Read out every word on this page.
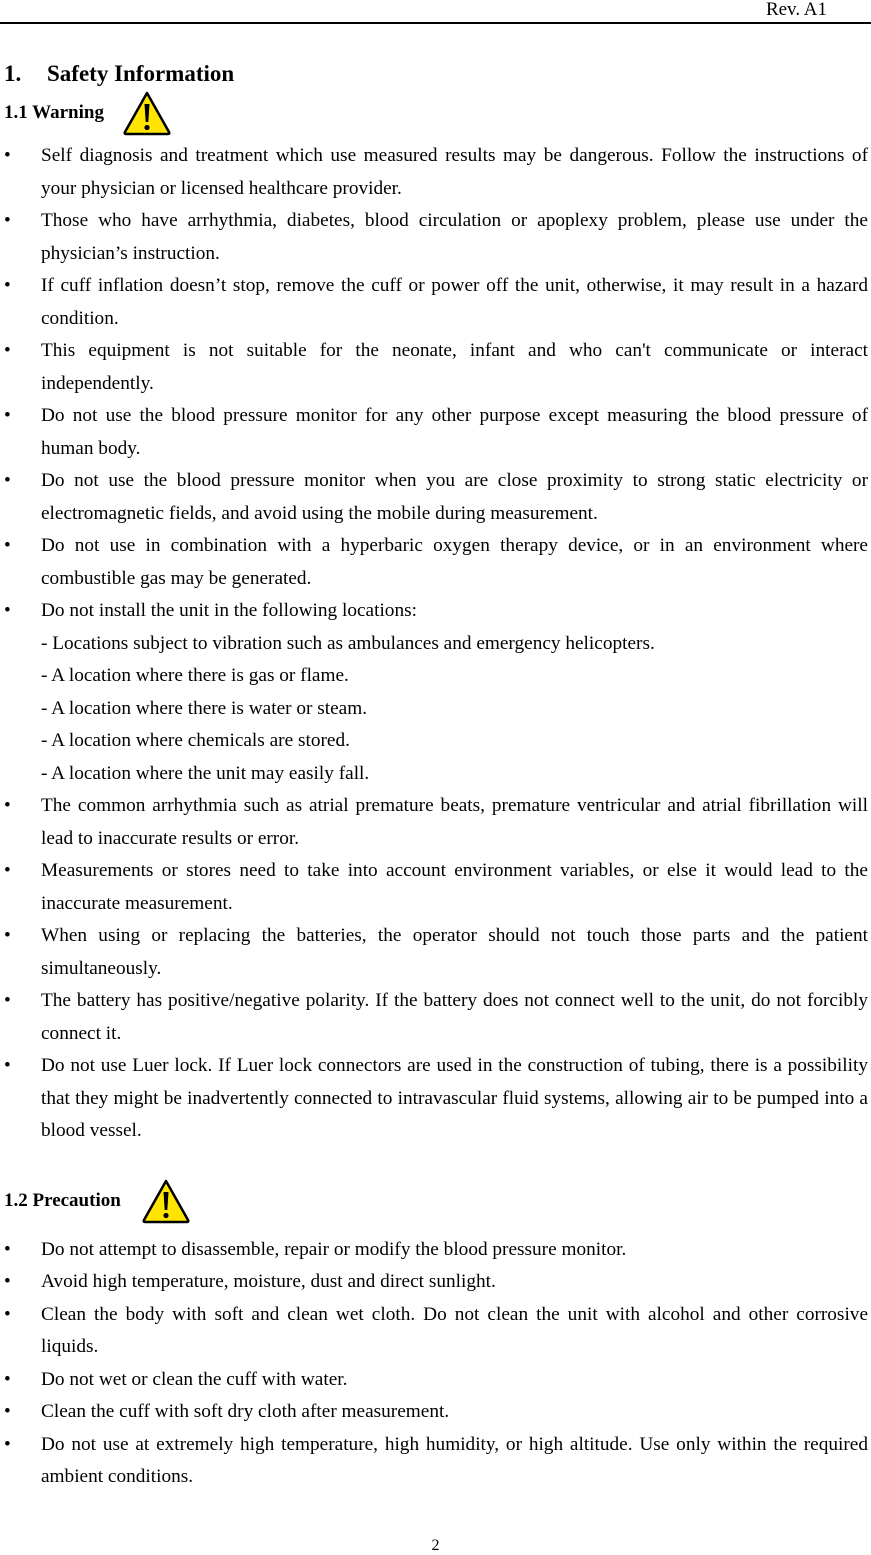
Rev. A1
1.	Safety Information
1.1 Warning
•	Self diagnosis and treatment which use measured results may be dangerous. Follow the instructions of your physician or licensed healthcare provider.
•	Those who have arrhythmia, diabetes, blood circulation or apoplexy problem, please use under the physician’s instruction.
•	If cuff inflation doesn’t stop, remove the cuff or power off the unit, otherwise, it may result in a hazard condition.
•	This equipment is not suitable for the neonate, infant and who can't communicate or interact independently.
•	Do not use the blood pressure monitor for any other purpose except measuring the blood pressure of human body.
•	Do not use the blood pressure monitor when you are close proximity to strong static electricity or electromagnetic fields, and avoid using the mobile during measurement.
•	Do not use in combination with a hyperbaric oxygen therapy device, or in an environment where combustible gas may be generated.
•	Do not install the unit in the following locations:
- Locations subject to vibration such as ambulances and emergency helicopters.
- A location where there is gas or flame.
- A location where there is water or steam.
- A location where chemicals are stored.
- A location where the unit may easily fall.
•	The common arrhythmia such as atrial premature beats, premature ventricular and atrial fibrillation will lead to inaccurate results or error.
•	Measurements or stores need to take into account environment variables, or else it would lead to the inaccurate measurement.
•	When using or replacing the batteries, the operator should not touch those parts and the patient simultaneously.
•	The battery has positive/negative polarity. If the battery does not connect well to the unit, do not forcibly connect it.
•	Do not use Luer lock. If Luer lock connectors are used in the construction of tubing, there is a possibility that they might be inadvertently connected to intravascular fluid systems, allowing air to be pumped into a blood vessel.
1.2 Precaution
•	Do not attempt to disassemble, repair or modify the blood pressure monitor.
•	Avoid high temperature, moisture, dust and direct sunlight.
•	Clean the body with soft and clean wet cloth. Do not clean the unit with alcohol and other corrosive liquids.
•	Do not wet or clean the cuff with water.
•	Clean the cuff with soft dry cloth after measurement.
•	Do not use at extremely high temperature, high humidity, or high altitude. Use only within the required ambient conditions.
2
